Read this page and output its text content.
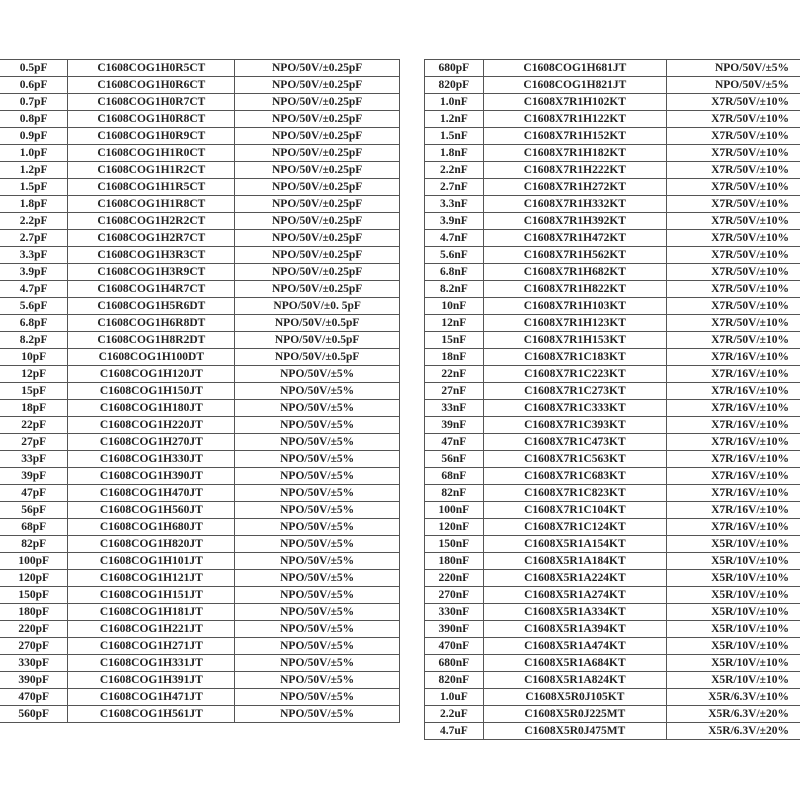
0.5pF	C1608COG1H0R5CT	NPO/50V/±0.25pF
0.6pF	C1608COG1H0R6CT	NPO/50V/±0.25pF
0.7pF	C1608COG1H0R7CT	NPO/50V/±0.25pF
0.8pF	C1608COG1H0R8CT	NPO/50V/±0.25pF
0.9pF	C1608COG1H0R9CT	NPO/50V/±0.25pF
1.0pF	C1608COG1H1R0CT	NPO/50V/±0.25pF
1.2pF	C1608COG1H1R2CT	NPO/50V/±0.25pF
1.5pF	C1608COG1H1R5CT	NPO/50V/±0.25pF
1.8pF	C1608COG1H1R8CT	NPO/50V/±0.25pF
2.2pF	C1608COG1H2R2CT	NPO/50V/±0.25pF
2.7pF	C1608COG1H2R7CT	NPO/50V/±0.25pF
3.3pF	C1608COG1H3R3CT	NPO/50V/±0.25pF
3.9pF	C1608COG1H3R9CT	NPO/50V/±0.25pF
4.7pF	C1608COG1H4R7CT	NPO/50V/±0.25pF
5.6pF	C1608COG1H5R6DT	NPO/50V/±0. 5pF
6.8pF	C1608COG1H6R8DT	NPO/50V/±0.5pF
8.2pF	C1608COG1H8R2DT	NPO/50V/±0.5pF
10pF	C1608COG1H100DT	NPO/50V/±0.5pF
12pF	C1608COG1H120JT	NPO/50V/±5%
15pF	C1608COG1H150JT	NPO/50V/±5%
18pF	C1608COG1H180JT	NPO/50V/±5%
22pF	C1608COG1H220JT	NPO/50V/±5%
27pF	C1608COG1H270JT	NPO/50V/±5%
33pF	C1608COG1H330JT	NPO/50V/±5%
39pF	C1608COG1H390JT	NPO/50V/±5%
47pF	C1608COG1H470JT	NPO/50V/±5%
56pF	C1608COG1H560JT	NPO/50V/±5%
68pF	C1608COG1H680JT	NPO/50V/±5%
82pF	C1608COG1H820JT	NPO/50V/±5%
100pF	C1608COG1H101JT	NPO/50V/±5%
120pF	C1608COG1H121JT	NPO/50V/±5%
150pF	C1608COG1H151JT	NPO/50V/±5%
180pF	C1608COG1H181JT	NPO/50V/±5%
220pF	C1608COG1H221JT	NPO/50V/±5%
270pF	C1608COG1H271JT	NPO/50V/±5%
330pF	C1608COG1H331JT	NPO/50V/±5%
390pF	C1608COG1H391JT	NPO/50V/±5%
470pF	C1608COG1H471JT	NPO/50V/±5%
560pF	C1608COG1H561JT	NPO/50V/±5%
680pF	C1608COG1H681JT	NPO/50V/±5%
820pF	C1608COG1H821JT	NPO/50V/±5%
1.0nF	C1608X7R1H102KT	X7R/50V/±10%
1.2nF	C1608X7R1H122KT	X7R/50V/±10%
1.5nF	C1608X7R1H152KT	X7R/50V/±10%
1.8nF	C1608X7R1H182KT	X7R/50V/±10%
2.2nF	C1608X7R1H222KT	X7R/50V/±10%
2.7nF	C1608X7R1H272KT	X7R/50V/±10%
3.3nF	C1608X7R1H332KT	X7R/50V/±10%
3.9nF	C1608X7R1H392KT	X7R/50V/±10%
4.7nF	C1608X7R1H472KT	X7R/50V/±10%
5.6nF	C1608X7R1H562KT	X7R/50V/±10%
6.8nF	C1608X7R1H682KT	X7R/50V/±10%
8.2nF	C1608X7R1H822KT	X7R/50V/±10%
10nF	C1608X7R1H103KT	X7R/50V/±10%
12nF	C1608X7R1H123KT	X7R/50V/±10%
15nF	C1608X7R1H153KT	X7R/50V/±10%
18nF	C1608X7R1C183KT	X7R/16V/±10%
22nF	C1608X7R1C223KT	X7R/16V/±10%
27nF	C1608X7R1C273KT	X7R/16V/±10%
33nF	C1608X7R1C333KT	X7R/16V/±10%
39nF	C1608X7R1C393KT	X7R/16V/±10%
47nF	C1608X7R1C473KT	X7R/16V/±10%
56nF	C1608X7R1C563KT	X7R/16V/±10%
68nF	C1608X7R1C683KT	X7R/16V/±10%
82nF	C1608X7R1C823KT	X7R/16V/±10%
100nF	C1608X7R1C104KT	X7R/16V/±10%
120nF	C1608X7R1C124KT	X7R/16V/±10%
150nF	C1608X5R1A154KT	X5R/10V/±10%
180nF	C1608X5R1A184KT	X5R/10V/±10%
220nF	C1608X5R1A224KT	X5R/10V/±10%
270nF	C1608X5R1A274KT	X5R/10V/±10%
330nF	C1608X5R1A334KT	X5R/10V/±10%
390nF	C1608X5R1A394KT	X5R/10V/±10%
470nF	C1608X5R1A474KT	X5R/10V/±10%
680nF	C1608X5R1A684KT	X5R/10V/±10%
820nF	C1608X5R1A824KT	X5R/10V/±10%
1.0uF	C1608X5R0J105KT	X5R/6.3V/±10%
2.2uF	C1608X5R0J225MT	X5R/6.3V/±20%
4.7uF	C1608X5R0J475MT	X5R/6.3V/±20%
